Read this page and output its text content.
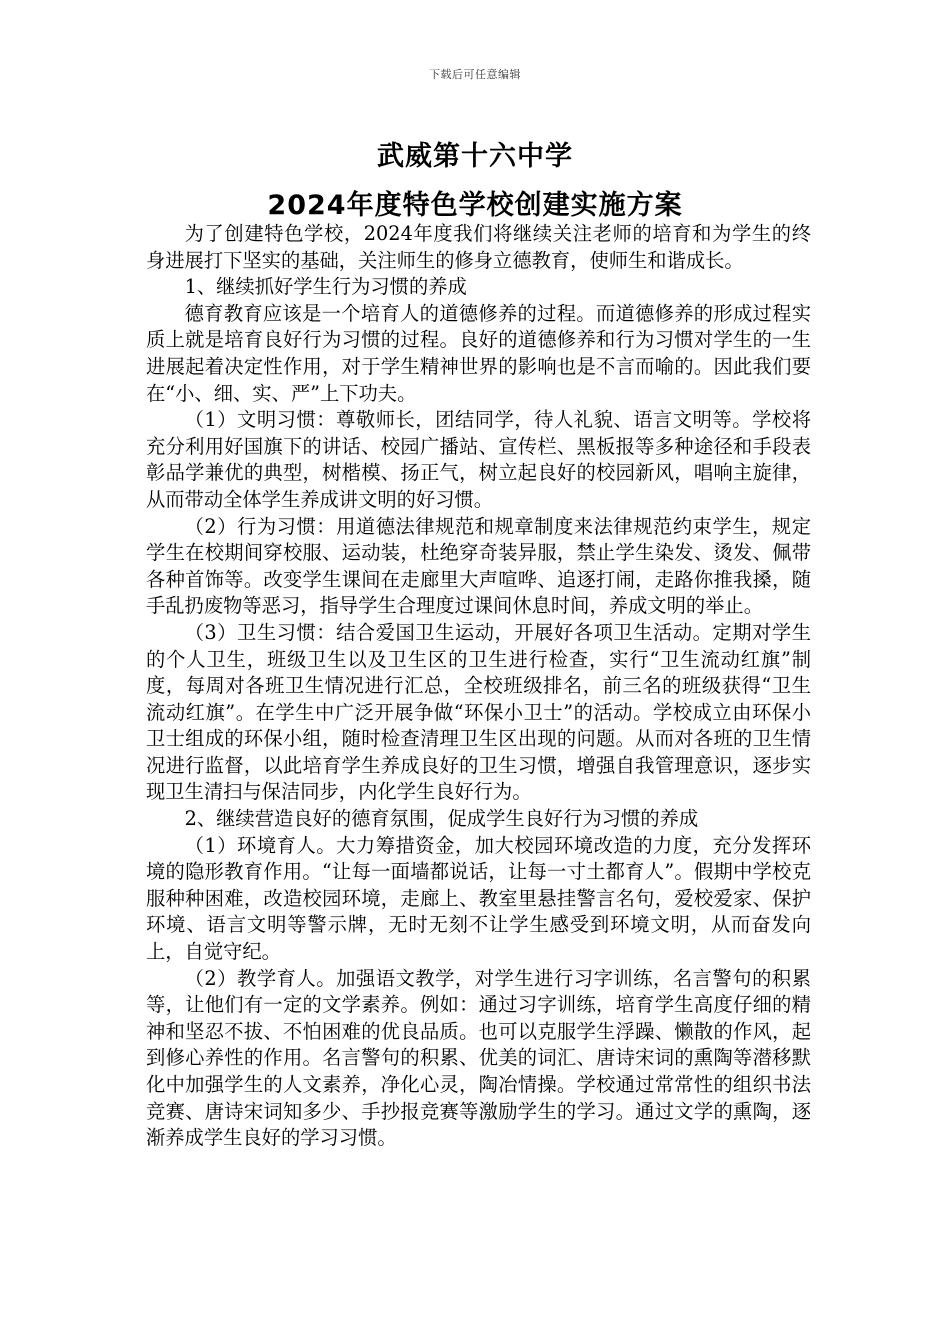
下载后可任意编辑
武威第十六中学
2024年度特色学校创建实施方案

为了创建特色学校，2024年度我们将继续关注老师的培育和为学生的终身进展打下坚实的基础，关注师生的修身立德教育，使师生和谐成长。

1、继续抓好学生行为习惯的养成

德育教育应该是一个培育人的道德修养的过程。而道德修养的形成过程实质上就是培育良好行为习惯的过程。良好的道德修养和行为习惯对学生的一生进展起着决定性作用，对于学生精神世界的影响也是不言而喻的。因此我们要在“小、细、实、严”上下功夫。

（1）文明习惯：尊敬师长，团结同学，待人礼貌、语言文明等。学校将充分利用好国旗下的讲话、校园广播站、宣传栏、黑板报等多种途径和手段表彰品学兼优的典型，树楷模、扬正气，树立起良好的校园新风，唱响主旋律，从而带动全体学生养成讲文明的好习惯。

（2）行为习惯：用道德法律规范和规章制度来法律规范约束学生，规定学生在校期间穿校服、运动装，杜绝穿奇装异服，禁止学生染发、烫发、佩带各种首饰等。改变学生课间在走廊里大声喧哗、追逐打闹，走路你推我搡，随手乱扔废物等恶习，指导学生合理度过课间休息时间，养成文明的举止。

（3）卫生习惯：结合爱国卫生运动，开展好各项卫生活动。定期对学生的个人卫生，班级卫生以及卫生区的卫生进行检查，实行“卫生流动红旗”制度，每周对各班卫生情况进行汇总，全校班级排名，前三名的班级获得“卫生流动红旗”。在学生中广泛开展争做“环保小卫士”的活动。学校成立由环保小卫士组成的环保小组，随时检查清理卫生区出现的问题。从而对各班的卫生情况进行监督，以此培育学生养成良好的卫生习惯，增强自我管理意识，逐步实现卫生清扫与保洁同步，内化学生良好行为。

2、继续营造良好的德育氛围，促成学生良好行为习惯的养成

（1）环境育人。大力筹措资金，加大校园环境改造的力度，充分发挥环境的隐形教育作用。“让每一面墙都说话，让每一寸土都育人”。假期中学校克服种种困难，改造校园环境，走廊上、教室里悬挂警言名句，爱校爱家、保护环境、语言文明等警示牌，无时无刻不让学生感受到环境文明，从而奋发向上，自觉守纪。

（2）教学育人。加强语文教学，对学生进行习字训练，名言警句的积累等，让他们有一定的文学素养。例如：通过习字训练，培育学生高度仔细的精神和坚忍不拔、不怕困难的优良品质。也可以克服学生浮躁、懒散的作风，起到修心养性的作用。名言警句的积累、优美的词汇、唐诗宋词的熏陶等潜移默化中加强学生的人文素养，净化心灵，陶冶情操。学校通过常常性的组织书法竞赛、唐诗宋词知多少、手抄报竞赛等激励学生的学习。通过文学的熏陶，逐渐养成学生良好的学习习惯。
